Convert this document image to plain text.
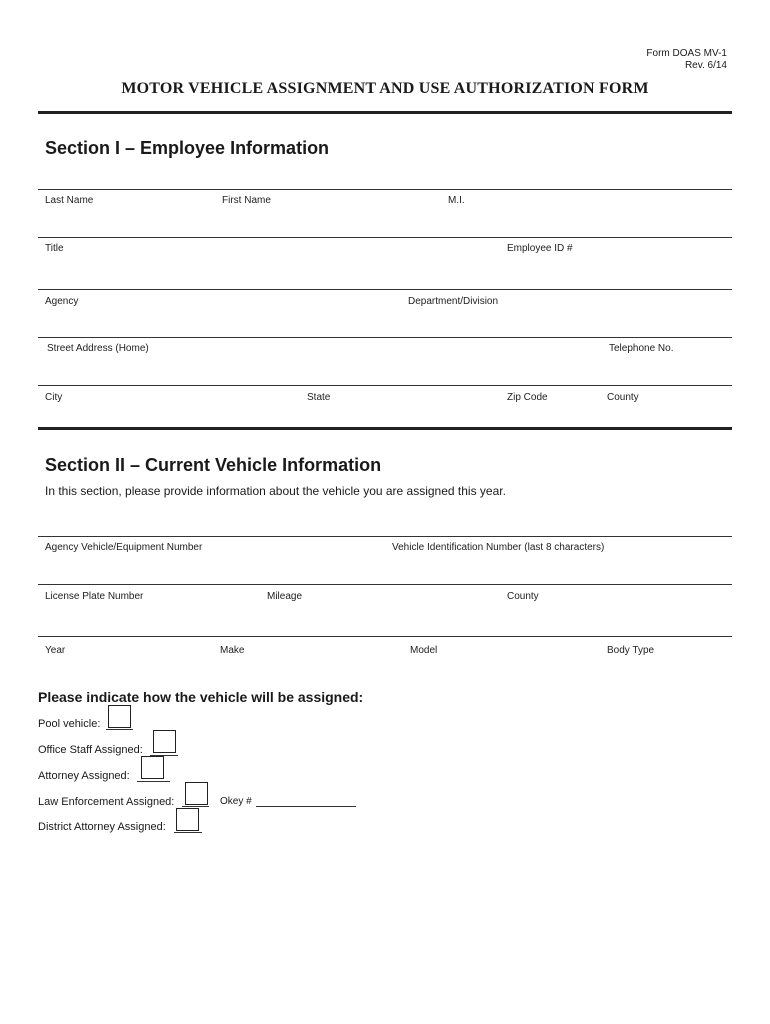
Form DOAS MV-1
Rev. 6/14
MOTOR VEHICLE ASSIGNMENT AND USE AUTHORIZATION FORM
Section I – Employee Information
Last Name	First Name	M.I.
Title	Employee ID #
Agency	Department/Division
Street Address (Home)	Telephone No.
City	State	Zip Code	County
Section II – Current Vehicle Information
In this section, please provide information about the vehicle you are assigned this year.
Agency Vehicle/Equipment Number	Vehicle Identification Number (last 8 characters)
License Plate Number	Mileage	County
Year	Make	Model	Body Type
Please indicate how the vehicle will be assigned:
Pool vehicle:
Office Staff Assigned:
Attorney Assigned:
Law Enforcement Assigned:	Okey #
District Attorney Assigned:
